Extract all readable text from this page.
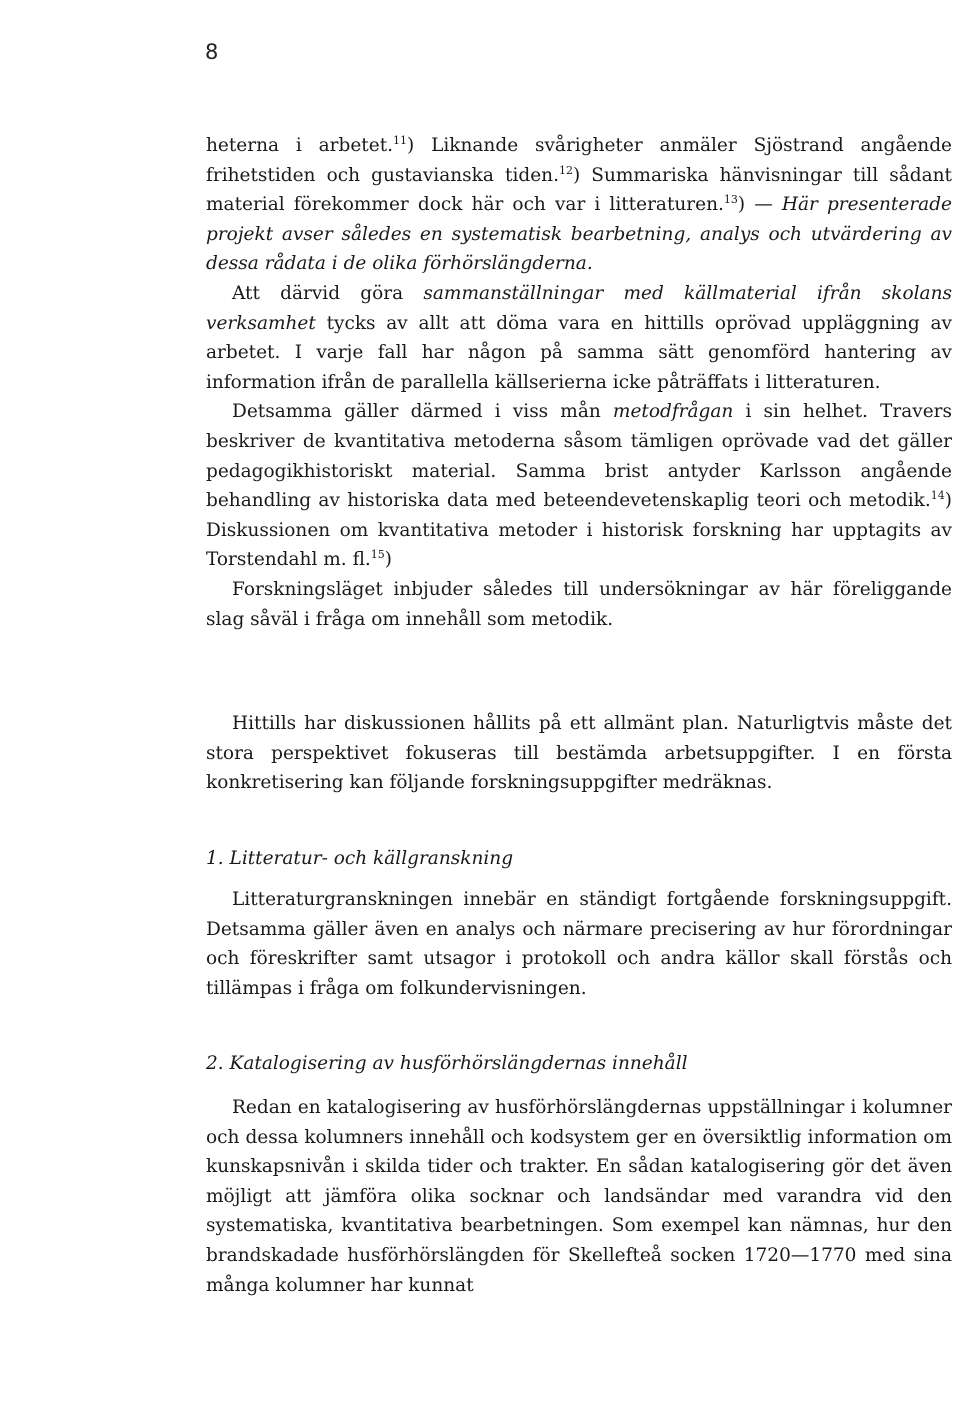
8

heterna i arbetet.$^{11}$) Liknande svårigheter anmäler Sjöstrand angående frihetstiden och gustavianska tiden.$^{12}$) Summariska hänvisningar till sådant material förekommer dock här och var i litteraturen.$^{13}$) — Här presenterade projekt avser således en systematisk bearbetning, analys och utvärdering av dessa rådata i de olika förhörslängderna.

Att därvid göra sammanställningar med källmaterial ifrån skolans verksamhet tycks av allt att döma vara en hittills oprövad uppläggning av arbetet. I varje fall har någon på samma sätt genomförd hantering av information ifrån de parallella källserierna icke påträffats i litteraturen.

Detsamma gäller därmed i viss mån metodfrågan i sin helhet. Travers beskriver de kvantitativa metoderna såsom tämligen oprövade vad det gäller pedagogikhistoriskt material. Samma brist antyder Karlsson angående behandling av historiska data med beteendevetenskaplig teori och metodik.$^{14}$) Diskussionen om kvantitativa metoder i historisk forskning har upptagits av Torstendahl m. fl.$^{15}$)

Forskningsläget inbjuder således till undersökningar av här föreliggande slag såväl i fråga om innehåll som metodik.

Hittills har diskussionen hållits på ett allmänt plan. Naturligtvis måste det stora perspektivet fokuseras till bestämda arbetsuppgifter. I en första konkretisering kan följande forskningsuppgifter medräknas.

1. Litteratur- och källgranskning

Litteraturgranskningen innebär en ständigt fortgående forskningsuppgift. Detsamma gäller även en analys och närmare precisering av hur förordningar och föreskrifter samt utsagor i protokoll och andra källor skall förstås och tillämpas i fråga om folkundervisningen.

2. Katalogisering av husförhörslängdernas innehåll

Redan en katalogisering av husförhörslängdernas uppställningar i kolumner och dessa kolumners innehåll och kodsystem ger en översiktlig information om kunskapsnivån i skilda tider och trakter. En sådan katalogisering gör det även möjligt att jämföra olika socknar och landsändar med varandra vid den systematiska, kvantitativa bearbetningen. Som exempel kan nämnas, hur den brandskadade husförhörslängden för Skellefteå socken 1720—1770 med sina många kolumner har kunnat
